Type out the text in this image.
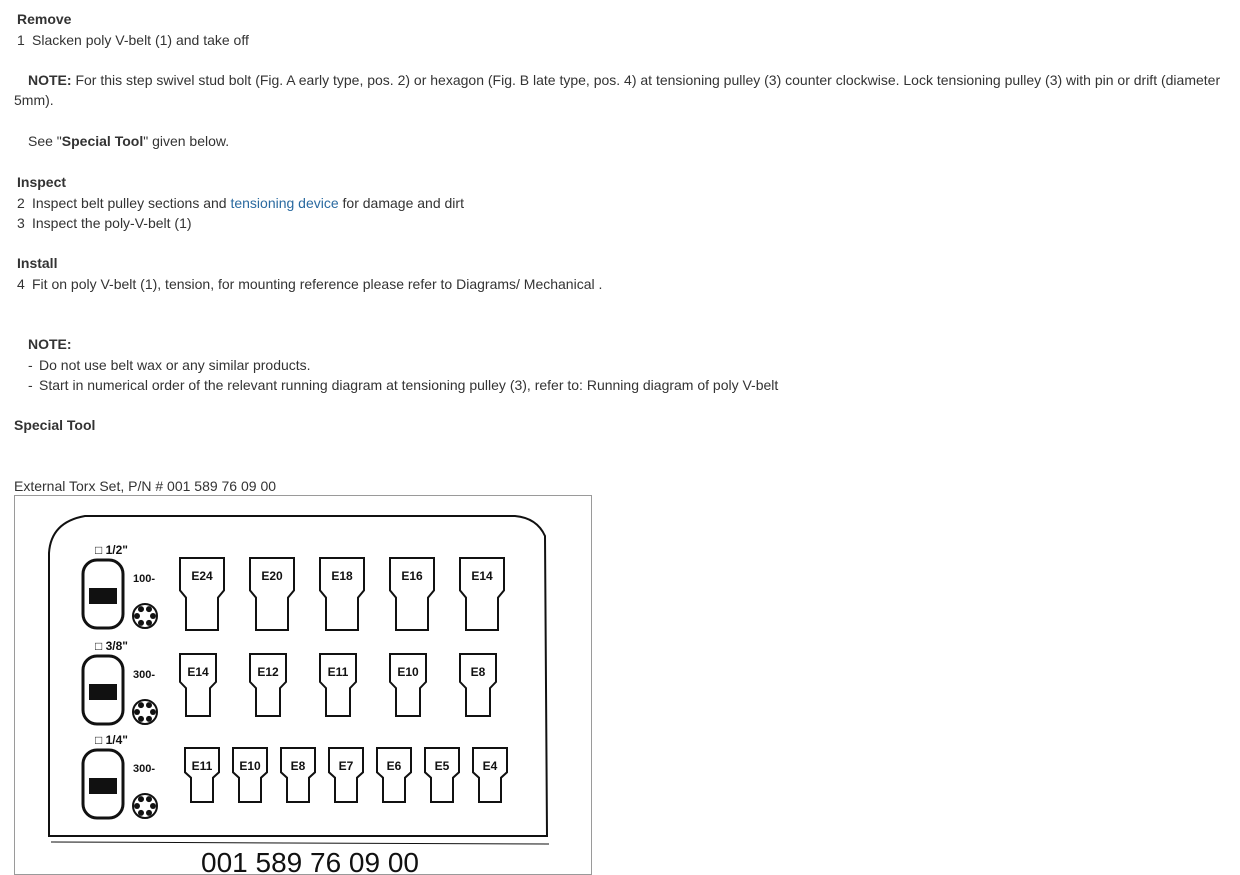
Remove
1 Slacken poly V-belt (1) and take off
NOTE: For this step swivel stud bolt (Fig. A early type, pos. 2) or hexagon (Fig. B late type, pos. 4) at tensioning pulley (3) counter clockwise. Lock tensioning pulley (3) with pin or drift (diameter 5mm).
See "Special Tool" given below.
Inspect
2 Inspect belt pulley sections and tensioning device for damage and dirt
3 Inspect the poly-V-belt (1)
Install
4 Fit on poly V-belt (1), tension, for mounting reference please refer to Diagrams/ Mechanical .
NOTE:
- Do not use belt wax or any similar products.
- Start in numerical order of the relevant running diagram at tensioning pulley (3), refer to: Running diagram of poly V-belt
Special Tool
External Torx Set, P/N # 001 589 76 09 00
001 589 76 09 00
□ 1/2"
100-	E24	E20	E18	E16	E14
□ 3/8"
300-	E14	E12	E11	E10	E8
□ 1/4"
300-	E11 E10 E8	E7	E6	E5	E4
